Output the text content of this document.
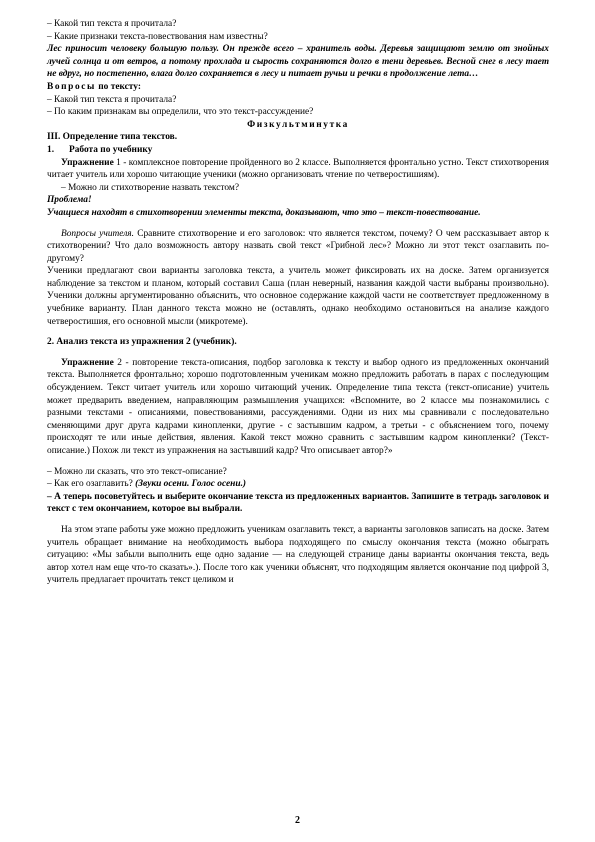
– Какой тип текста я прочитала?

– Какие признаки текста-повествования нам известны?

Лес приносит человеку большую пользу. Он прежде всего – хранитель воды. Деревья защищают землю от знойных лучей солнца и от ветров, а потому прохлада и сырость сохраняются долго в тени деревьев. Весной снег в лесу тает не вдруг, но постепенно, влага долго сохраняется в лесу и питает ручьи и речки в продолжение лета…

Вопросы по тексту:

– Какой тип текста я прочитала?

– По каким признакам вы определили, что это текст-рассуждение?

Физкультминутка

III. Определение типа текстов.

1. Работа по учебнику

Упражнение 1 - комплексное повторение пройденного во 2 классе. Выполняется фронтально устно. Текст стихотворения читает учитель или хорошо читающие ученики (можно организовать чтение по четверостишиям).

– Можно ли стихотворение назвать текстом?

Проблема!

Учащиеся находят в стихотворении элементы текста, доказывают, что это – текст-повествование.

Вопросы учителя. Сравните стихотворение и его заголовок: что является текстом, почему? О чем рассказывает автор к стихотворении? Что дало возможность автору назвать свой текст «Грибной лес»? Можно ли этот текст озаглавить по-другому?

Ученики предлагают свои варианты заголовка текста, а учитель может фиксировать их на доске. Затем организуется наблюдение за текстом и планом, который составил Саша (план неверный, названия каждой части выбраны произвольно). Ученики должны аргументированно объяснить, что основное содержание каждой части не соответствует предложенному в учебнике варианту. План данного текста можно не (оставлять, однако необходимо остановиться на анализе каждого четверостишия, его основной мысли (микротеме).

2. Анализ текста из упражнения 2 (учебник).

Упражнение 2 - повторение текста-описания, подбор заголовка к тексту и выбор одного из предложенных окончаний текста. Выполняется фронтально; хорошо подготовленным ученикам можно предложить работать в парах с последующим обсуждением. Текст читает учитель или хорошо читающий ученик. Определение типа текста (текст-описание) учитель может предварить введением, направляющим размышления учащихся: «Вспомните, во 2 классе мы познакомились с разными текстами - описаниями, повествованиями, рассуждениями. Одни из них мы сравнивали с последовательно сменяющими друг друга кадрами кинопленки, другие - с застывшим кадром, а третьи - с объяснением того, почему происходят те или иные действия, явления. Какой текст можно сравнить с застывшим кадром кинопленки? (Текст-описание.) Похож ли текст из упражнения на застывший кадр? Что описывает автор?»

– Можно ли сказать, что это текст-описание?

– Как его озаглавить? (Звуки осени. Голос осени.)

– А теперь посоветуйтесь и выберите окончание текста из предложенных вариантов. Запишите в тетрадь заголовок и текст с тем окончанием, которое вы выбрали.

На этом этапе работы уже можно предложить ученикам озаглавить текст, а варианты заголовков записать на доске. Затем учитель обращает внимание на необходимость выбора подходящего по смыслу окончания текста (можно обыграть ситуацию: «Мы забыли выполнить еще одно задание — на следующей странице даны варианты окончания текста, ведь автор хотел нам еще что-то сказать».). После того как ученики объяснят, что подходящим является окончание под цифрой 3, учитель предлагает прочитать текст целиком и

2
